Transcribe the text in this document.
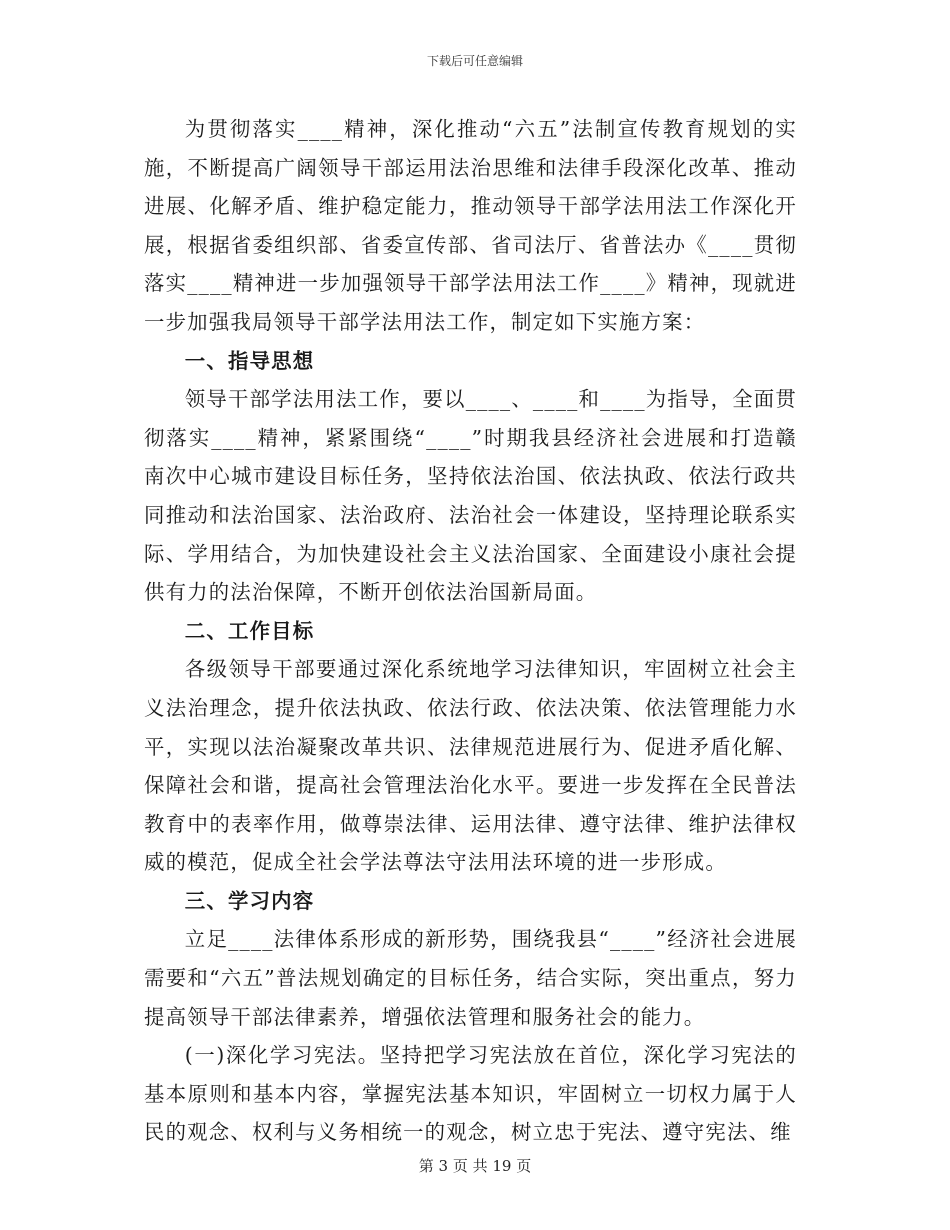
下载后可任意编辑

为贯彻落实____精神，深化推动“六五”法制宣传教育规划的实施，不断提高广阔领导干部运用法治思维和法律手段深化改革、推动进展、化解矛盾、维护稳定能力，推动领导干部学法用法工作深化开展，根据省委组织部、省委宣传部、省司法厅、省普法办《____贯彻落实____精神进一步加强领导干部学法用法工作____》精神，现就进一步加强我局领导干部学法用法工作，制定如下实施方案：

一、指导思想

领导干部学法用法工作，要以____、____和____为指导，全面贯彻落实____精神，紧紧围绕“____”时期我县经济社会进展和打造赣南次中心城市建设目标任务，坚持依法治国、依法执政、依法行政共同推动和法治国家、法治政府、法治社会一体建设，坚持理论联系实际、学用结合，为加快建设社会主义法治国家、全面建设小康社会提供有力的法治保障，不断开创依法治国新局面。

二、工作目标

各级领导干部要通过深化系统地学习法律知识，牢固树立社会主义法治理念，提升依法执政、依法行政、依法决策、依法管理能力水平，实现以法治凝聚改革共识、法律规范进展行为、促进矛盾化解、保障社会和谐，提高社会管理法治化水平。要进一步发挥在全民普法教育中的表率作用，做尊崇法律、运用法律、遵守法律、维护法律权威的模范，促成全社会学法尊法守法用法环境的进一步形成。

三、学习内容

立足____法律体系形成的新形势，围绕我县“____”经济社会进展需要和“六五”普法规划确定的目标任务，结合实际，突出重点，努力提高领导干部法律素养，增强依法管理和服务社会的能力。

(一)深化学习宪法。坚持把学习宪法放在首位，深化学习宪法的基本原则和基本内容，掌握宪法基本知识，牢固树立一切权力属于人民的观念、权利与义务相统一的观念，树立忠于宪法、遵守宪法、维

第 3 页 共 19 页
